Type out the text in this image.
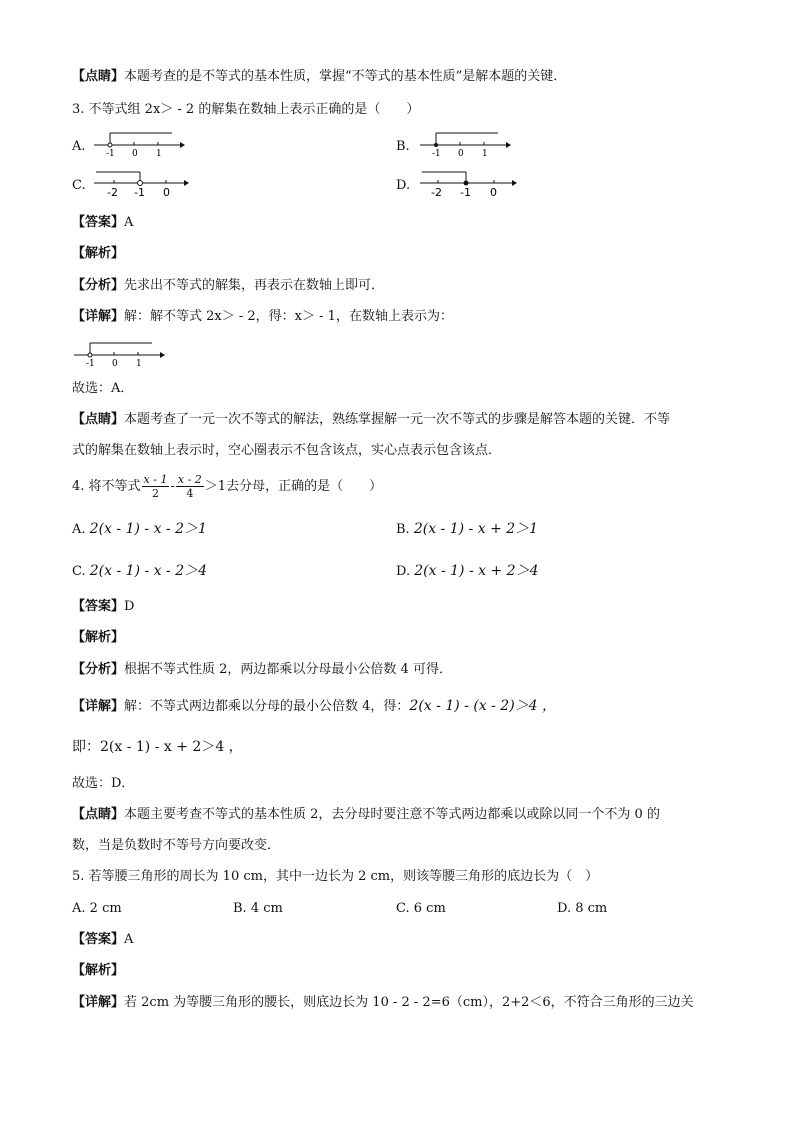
【点睛】本题考查的是不等式的基本性质，掌握“不等式的基本性质”是解本题的关键．
3. 不等式组 2x＞ - 2 的解集在数轴上表示正确的是（　　）
A. -1 0 1	B. -1 0 1
C. -2 -1 0	D. -2 -1 0
【答案】A
【解析】
【分析】先求出不等式的解集，再表示在数轴上即可．
【详解】解：解不等式 2x＞ - 2，得：x＞ - 1，在数轴上表示为：
-1 0 1
故选：A．
【点睛】本题考查了一元一次不等式的解法，熟练掌握解一元一次不等式的步骤是解答本题的关键．不等
式的解集在数轴上表示时，空心圈表示不包含该点，实心点表示包含该点．
4. 将不等式 $\frac{x - 1}{2} - \frac{x - 2}{4} >1$去分母，正确的是（　　）
A. 2(x - 1) - x - 2＞1	B. 2(x - 1) - x + 2＞1
C. 2(x - 1) - x - 2＞4	D. 2(x - 1) - x + 2＞4
【答案】D
【解析】
【分析】根据不等式性质 2，两边都乘以分母最小公倍数 4 可得．
【详解】解：不等式两边都乘以分母的最小公倍数 4，得：2(x - 1) - (x - 2)＞4 ，
即：2(x - 1) - x + 2＞4 ，
故选：D．
【点睛】本题主要考查不等式的基本性质 2，去分母时要注意不等式两边都乘以或除以同一个不为 0 的
数，当是负数时不等号方向要改变．
5. 若等腰三角形的周长为 10 cm，其中一边长为 2 cm，则该等腰三角形的底边长为（　）
A. 2 cm	B. 4 cm	C. 6 cm	D. 8 cm
【答案】A
【解析】
【详解】若 2cm 为等腰三角形的腰长，则底边长为 10 - 2 - 2=6（cm），2+2＜6，不符合三角形的三边关
